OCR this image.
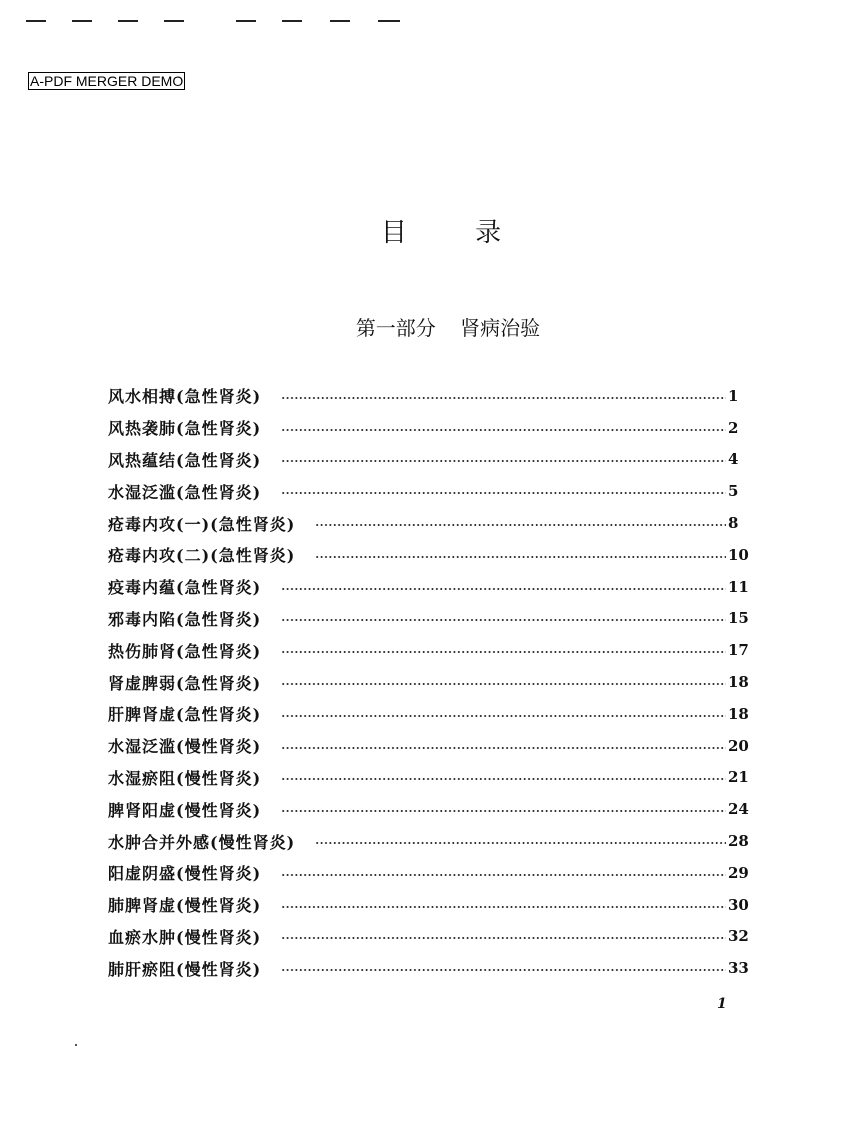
A-PDF MERGER DEMO
目 录
第一部分 肾病治验
风水相搏(急性肾炎)	1
风热袭肺(急性肾炎)	2
风热蕴结(急性肾炎)	4
水湿泛滥(急性肾炎)	5
疮毒内攻(一)(急性肾炎)	8
疮毒内攻(二)(急性肾炎)	10
疫毒内蕴(急性肾炎)	11
邪毒内陷(急性肾炎)	15
热伤肺肾(急性肾炎)	17
肾虚脾弱(急性肾炎)	18
肝脾肾虚(急性肾炎)	18
水湿泛滥(慢性肾炎)	20
水湿瘀阻(慢性肾炎)	21
脾肾阳虚(慢性肾炎)	24
水肿合并外感(慢性肾炎)	28
阳虚阴盛(慢性肾炎)	29
肺脾肾虚(慢性肾炎)	30
血瘀水肿(慢性肾炎)	32
肺肝瘀阻(慢性肾炎)	33
1
